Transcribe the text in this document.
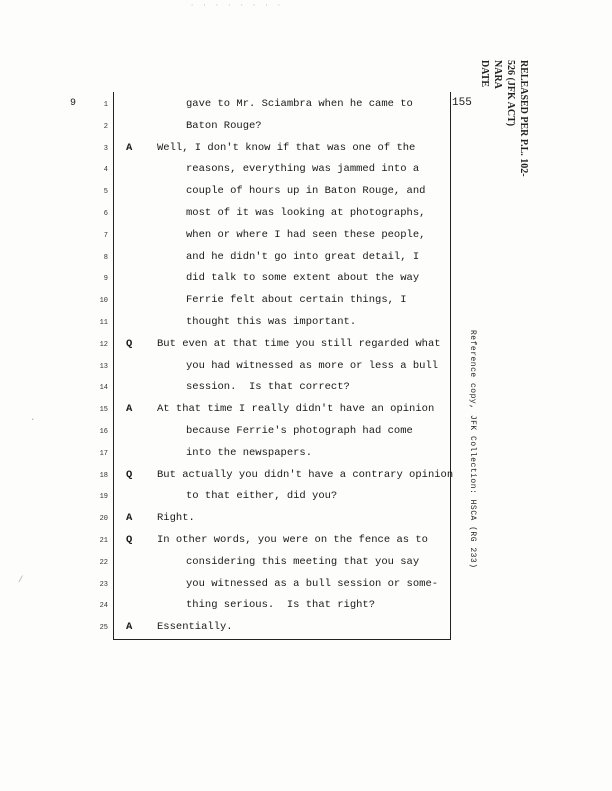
· · · · · · · ·
9	155
1	gave to Mr. Sciambra when he came to
2	Baton Rouge?
3 A Well, I don't know if that was one of the
4	reasons, everything was jammed into a
5	couple of hours up in Baton Rouge, and
6	most of it was looking at photographs,
7	when or where I had seen these people,
8	and he didn't go into great detail, I
9	did talk to some extent about the way
10	Ferrie felt about certain things, I
11	thought this was important.
12 Q But even at that time you still regarded what
13	you had witnessed as more or less a bull
14	session.  Is that correct?
15 A At that time I really didn't have an opinion
16	because Ferrie's photograph had come
17	into the newspapers.
18 Q But actually you didn't have a contrary opinion
19	to that either, did you?
20 A Right.
21 Q In other words, you were on the fence as to
22	considering this meeting that you say
23	you witnessed as a bull session or some-
24	thing serious.  Is that right?
25 A Essentially.
RELEASED PER P.L. 102-526 (JFK ACT)
NARA
DATE
Reference copy, JFK Collection: HSCA (RG 233)
/
·
